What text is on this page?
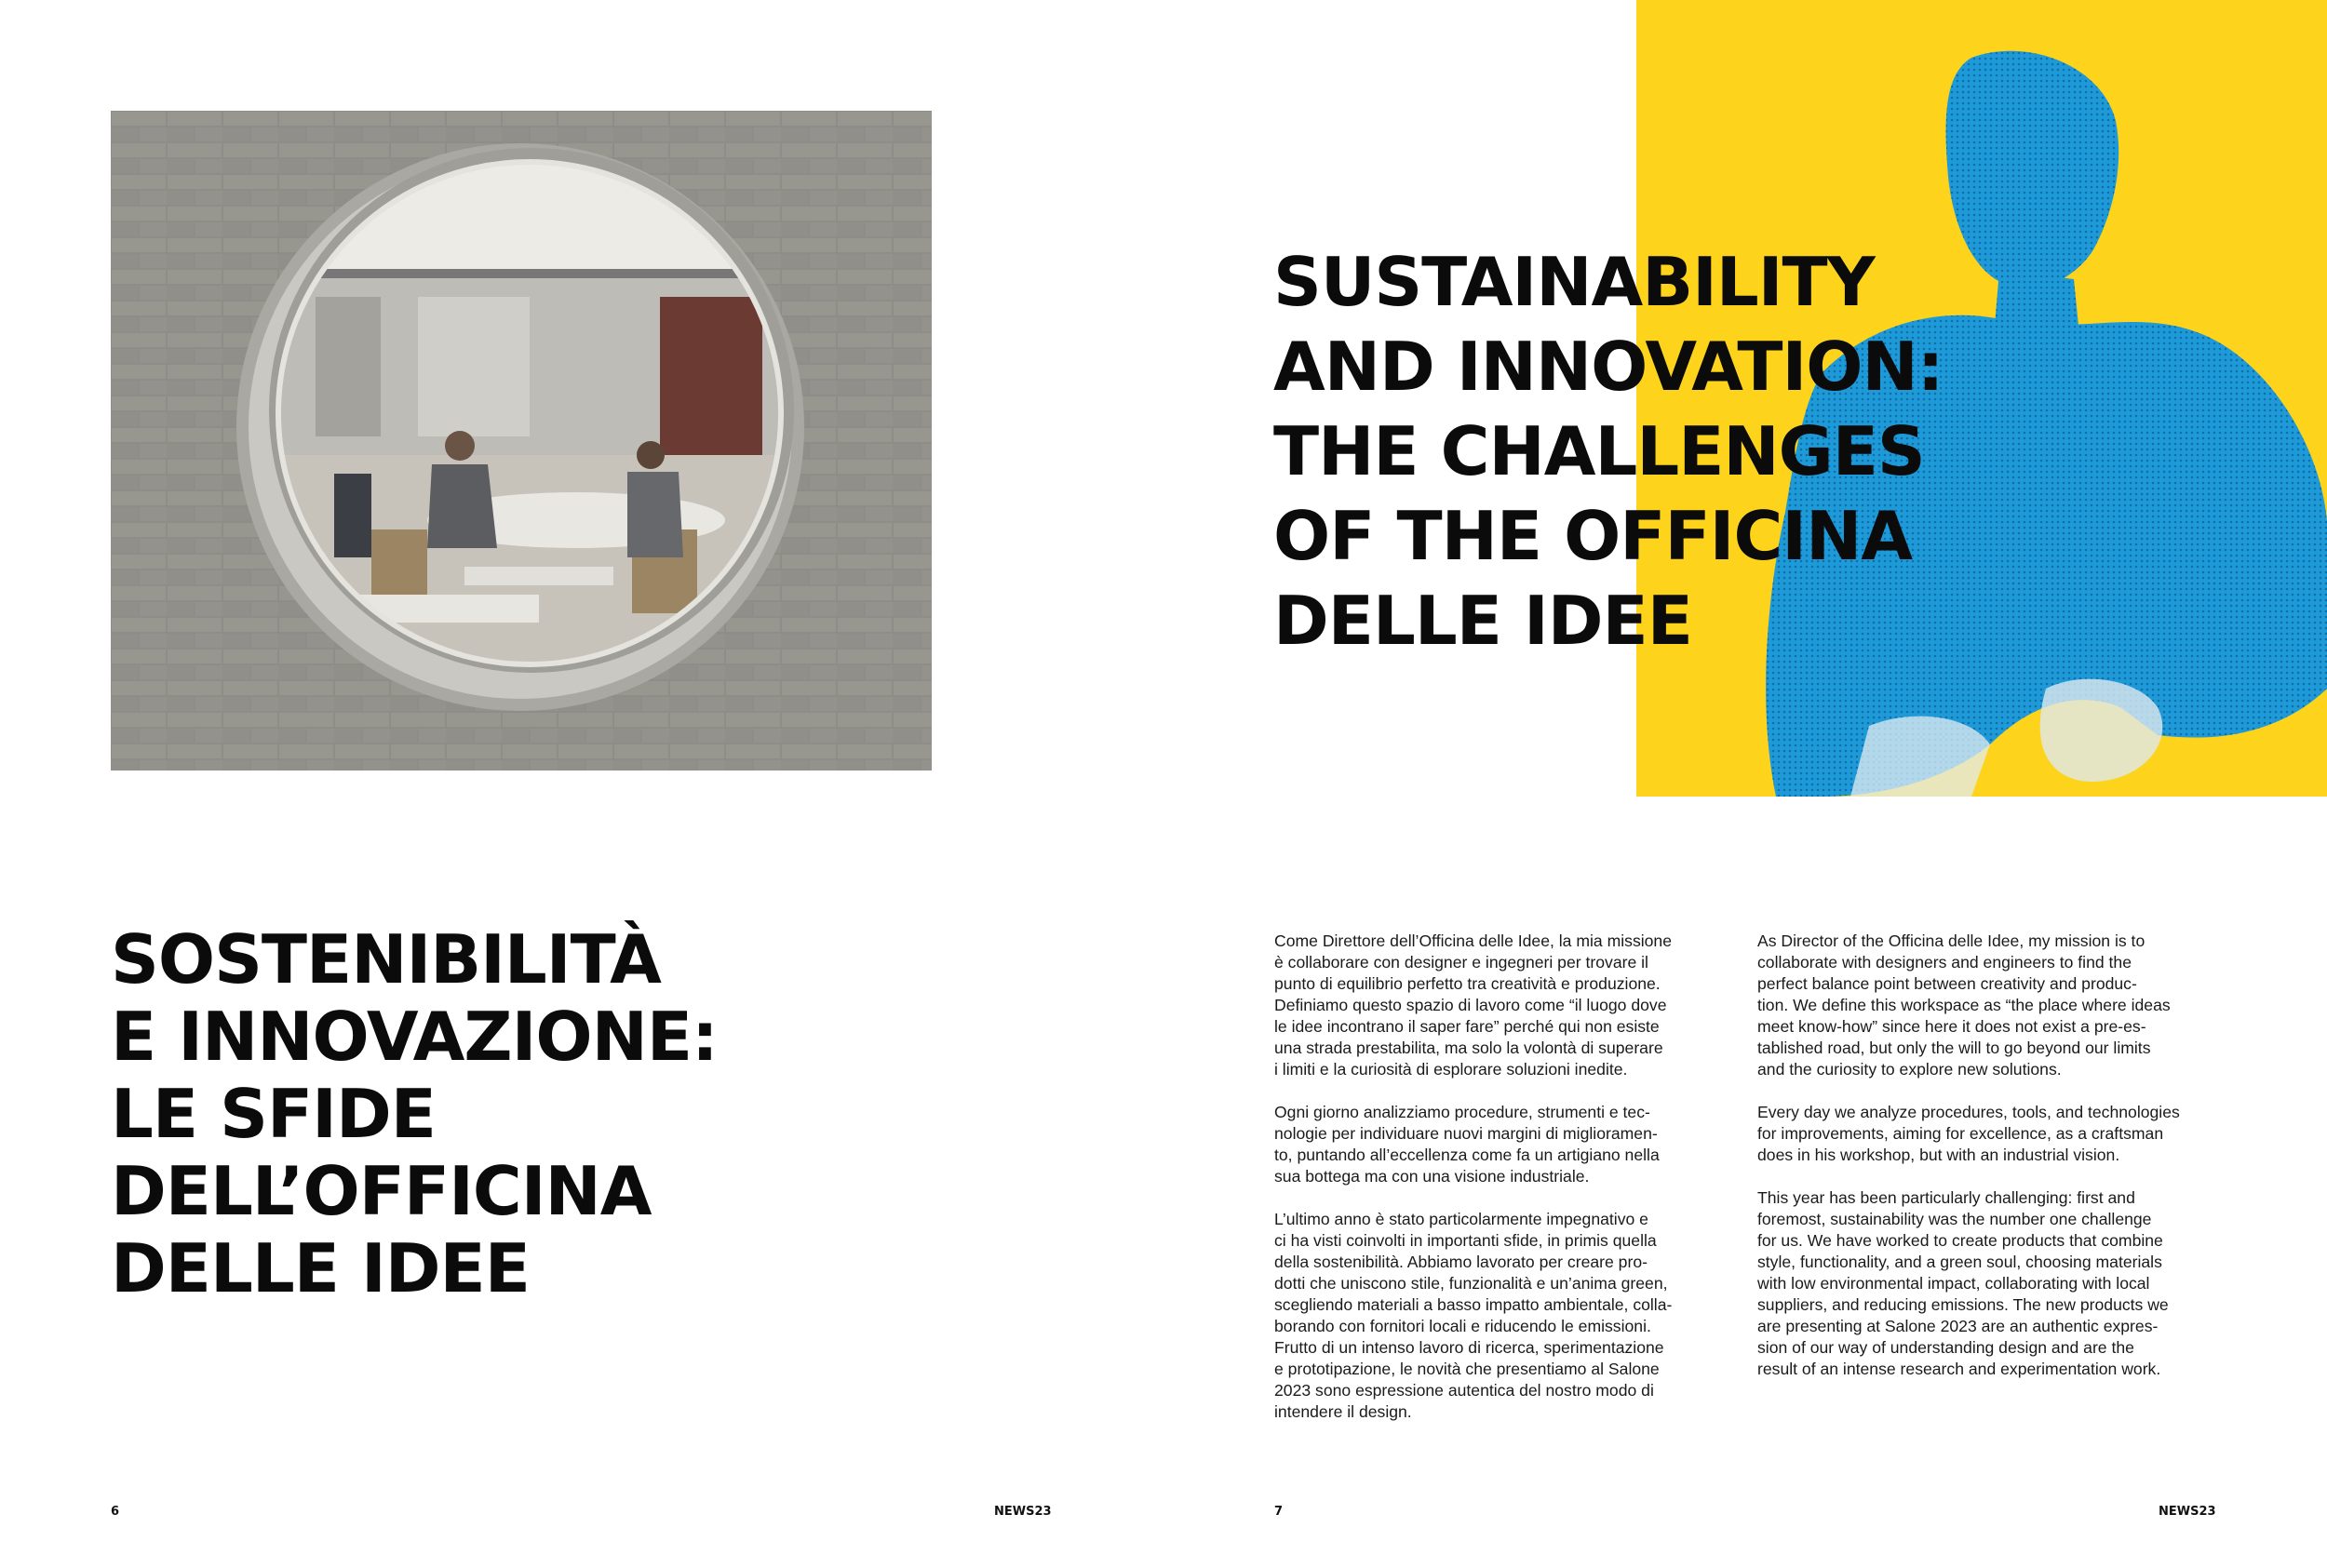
SOSTENIBILITÀ
E INNOVAZIONE:
LE SFIDE
DELL’OFFICINA
DELLE IDEE
6	NEWS23
SUSTAINABILITY
AND INNOVATION:
THE CHALLENGES
OF THE OFFICINA
DELLE IDEE

Come Direttore dell’Officina delle Idee, la mia missione
è collaborare con designer e ingegneri per trovare il
punto di equilibrio perfetto tra creatività e produzione.
Definiamo questo spazio di lavoro come “il luogo dove
le idee incontrano il saper fare” perché qui non esiste
una strada prestabilita, ma solo la volontà di superare
i limiti e la curiosità di esplorare soluzioni inedite.

Ogni giorno analizziamo procedure, strumenti e tec-
nologie per individuare nuovi margini di miglioramen-
to, puntando all’eccellenza come fa un artigiano nella
sua bottega ma con una visione industriale.

L’ultimo anno è stato particolarmente impegnativo e
ci ha visti coinvolti in importanti sfide, in primis quella
della sostenibilità. Abbiamo lavorato per creare pro-
dotti che uniscono stile, funzionalità e un’anima green,
scegliendo materiali a basso impatto ambientale, colla-
borando con fornitori locali e riducendo le emissioni.
Frutto di un intenso lavoro di ricerca, sperimentazione
e prototipazione, le novità che presentiamo al Salone
2023 sono espressione autentica del nostro modo di
intendere il design.

As Director of the Officina delle Idee, my mission is to
collaborate with designers and engineers to find the
perfect balance point between creativity and produc-
tion. We define this workspace as “the place where ideas
meet know-how” since here it does not exist a pre-es-
tablished road, but only the will to go beyond our limits
and the curiosity to explore new solutions.

Every day we analyze procedures, tools, and technologies
for improvements, aiming for excellence, as a craftsman
does in his workshop, but with an industrial vision.

This year has been particularly challenging: first and
foremost, sustainability was the number one challenge
for us. We have worked to create products that combine
style, functionality, and a green soul, choosing materials
with low environmental impact, collaborating with local
suppliers, and reducing emissions. The new products we
are presenting at Salone 2023 are an authentic expres-
sion of our way of understanding design and are the
result of an intense research and experimentation work.

7	NEWS23
